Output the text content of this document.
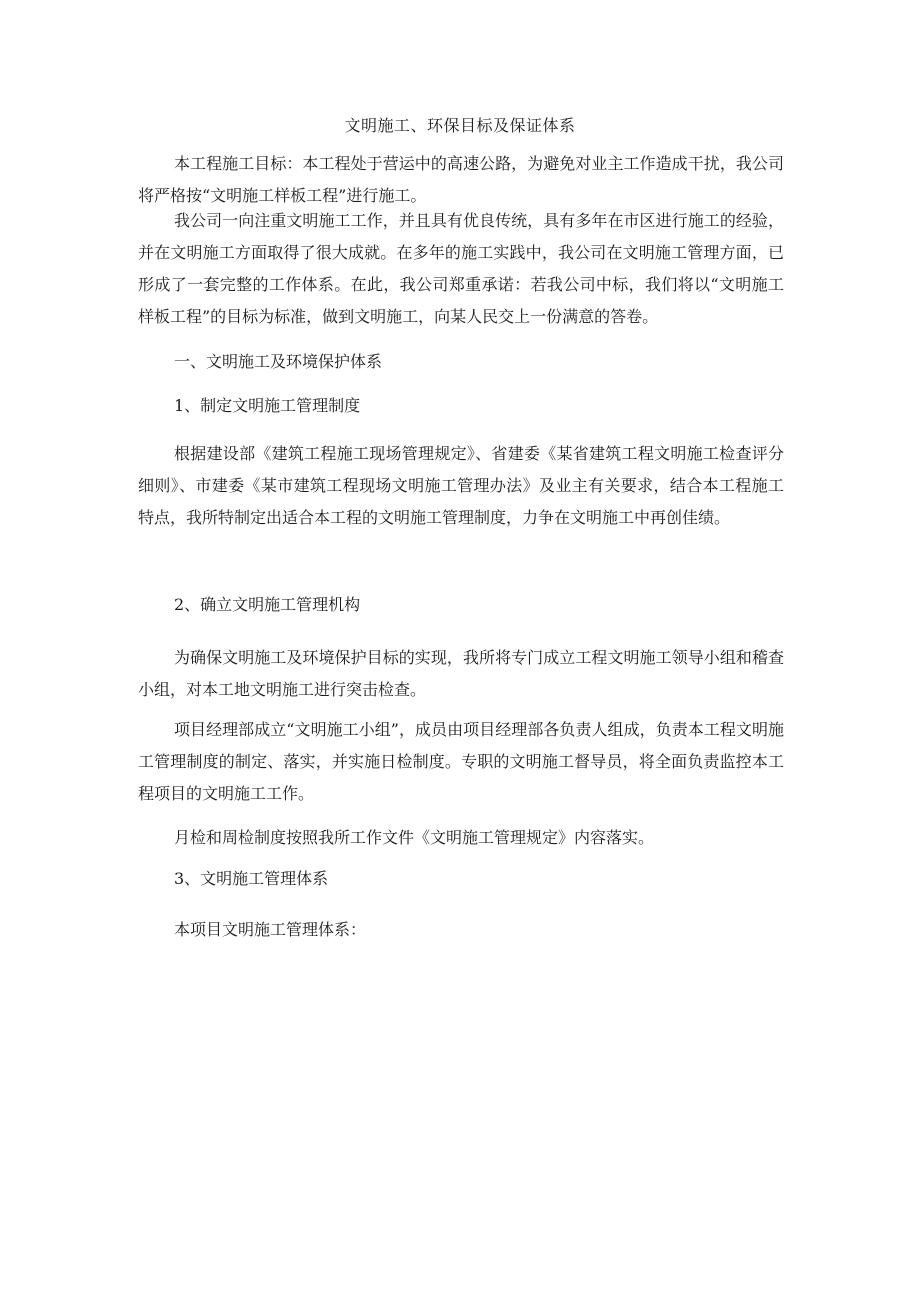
文明施工、环保目标及保证体系

本工程施工目标：本工程处于营运中的高速公路，为避免对业主工作造成干扰，我公司将严格按“文明施工样板工程”进行施工。

我公司一向注重文明施工工作，并且具有优良传统，具有多年在市区进行施工的经验，并在文明施工方面取得了很大成就。在多年的施工实践中，我公司在文明施工管理方面，已形成了一套完整的工作体系。在此，我公司郑重承诺：若我公司中标，我们将以“文明施工样板工程”的目标为标准，做到文明施工，向某人民交上一份满意的答卷。

一、文明施工及环境保护体系

1、制定文明施工管理制度

根据建设部《建筑工程施工现场管理规定》、省建委《某省建筑工程文明施工检查评分细则》、市建委《某市建筑工程现场文明施工管理办法》及业主有关要求，结合本工程施工特点，我所特制定出适合本工程的文明施工管理制度，力争在文明施工中再创佳绩。

2、确立文明施工管理机构

为确保文明施工及环境保护目标的实现，我所将专门成立工程文明施工领导小组和稽查小组，对本工地文明施工进行突击检查。

项目经理部成立“文明施工小组”，成员由项目经理部各负责人组成，负责本工程文明施工管理制度的制定、落实，并实施日检制度。专职的文明施工督导员，将全面负责监控本工程项目的文明施工工作。

月检和周检制度按照我所工作文件《文明施工管理规定》内容落实。

3、文明施工管理体系

本项目文明施工管理体系：
